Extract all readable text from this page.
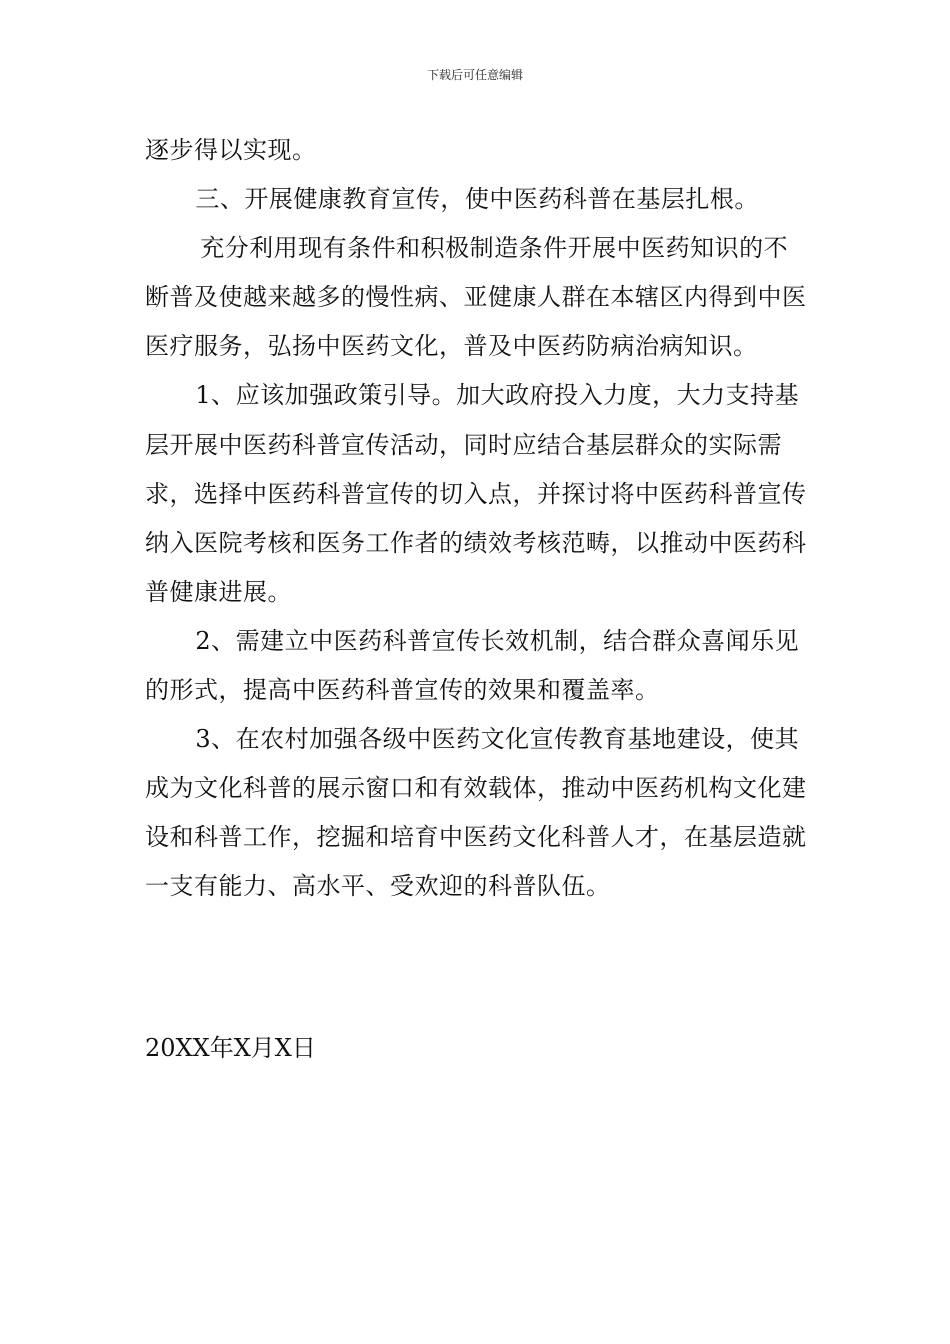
下载后可任意编辑

逐步得以实现。

三、开展健康教育宣传，使中医药科普在基层扎根。

充分利用现有条件和积极制造条件开展中医药知识的不断普及使越来越多的慢性病、亚健康人群在本辖区内得到中医医疗服务，弘扬中医药文化，普及中医药防病治病知识。

1、应该加强政策引导。加大政府投入力度，大力支持基层开展中医药科普宣传活动，同时应结合基层群众的实际需求，选择中医药科普宣传的切入点，并探讨将中医药科普宣传纳入医院考核和医务工作者的绩效考核范畴，以推动中医药科普健康进展。

2、需建立中医药科普宣传长效机制，结合群众喜闻乐见的形式，提高中医药科普宣传的效果和覆盖率。

3、在农村加强各级中医药文化宣传教育基地建设，使其成为文化科普的展示窗口和有效载体，推动中医药机构文化建设和科普工作，挖掘和培育中医药文化科普人才，在基层造就一支有能力、高水平、受欢迎的科普队伍。

20XX年X月X日
